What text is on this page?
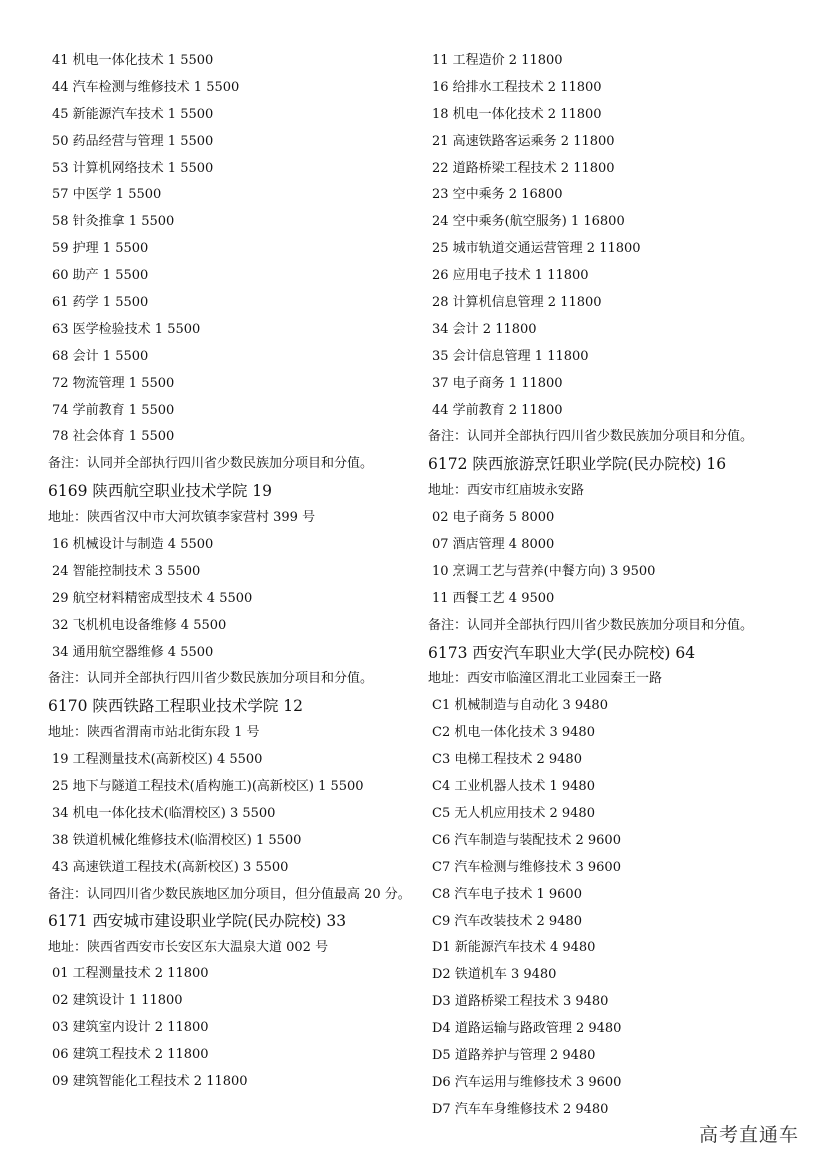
41 机电一体化技术 1 5500
44 汽车检测与维修技术 1 5500
45 新能源汽车技术 1 5500
50 药品经营与管理 1 5500
53 计算机网络技术 1 5500
57 中医学 1 5500
58 针灸推拿 1 5500
59 护理 1 5500
60 助产 1 5500
61 药学 1 5500
63 医学检验技术 1 5500
68 会计 1 5500
72 物流管理 1 5500
74 学前教育 1 5500
78 社会体育 1 5500
备注：认同并全部执行四川省少数民族加分项目和分值。
6169 陕西航空职业技术学院 19
地址：陕西省汉中市大河坎镇李家营村 399 号
16 机械设计与制造 4 5500
24 智能控制技术 3 5500
29 航空材料精密成型技术 4 5500
32 飞机机电设备维修 4 5500
34 通用航空器维修 4 5500
备注：认同并全部执行四川省少数民族加分项目和分值。
6170 陕西铁路工程职业技术学院 12
地址：陕西省渭南市站北街东段 1 号
19 工程测量技术(高新校区) 4 5500
25 地下与隧道工程技术(盾构施工)(高新校区) 1 5500
34 机电一体化技术(临渭校区) 3 5500
38 铁道机械化维修技术(临渭校区) 1 5500
43 高速铁道工程技术(高新校区) 3 5500
备注：认同四川省少数民族地区加分项目，但分值最高 20 分。
6171 西安城市建设职业学院(民办院校) 33
地址：陕西省西安市长安区东大温泉大道 002 号
01 工程测量技术 2 11800
02 建筑设计 1 11800
03 建筑室内设计 2 11800
06 建筑工程技术 2 11800
09 建筑智能化工程技术 2 11800
11 工程造价 2 11800
16 给排水工程技术 2 11800
18 机电一体化技术 2 11800
21 高速铁路客运乘务 2 11800
22 道路桥梁工程技术 2 11800
23 空中乘务 2 16800
24 空中乘务(航空服务) 1 16800
25 城市轨道交通运营管理 2 11800
26 应用电子技术 1 11800
28 计算机信息管理 2 11800
34 会计 2 11800
35 会计信息管理 1 11800
37 电子商务 1 11800
44 学前教育 2 11800
备注：认同并全部执行四川省少数民族加分项目和分值。
6172 陕西旅游烹饪职业学院(民办院校) 16
地址：西安市红庙坡永安路
02 电子商务 5 8000
07 酒店管理 4 8000
10 烹调工艺与营养(中餐方向) 3 9500
11 西餐工艺 4 9500
备注：认同并全部执行四川省少数民族加分项目和分值。
6173 西安汽车职业大学(民办院校) 64
地址：西安市临潼区渭北工业园秦王一路
C1 机械制造与自动化 3 9480
C2 机电一体化技术 3 9480
C3 电梯工程技术 2 9480
C4 工业机器人技术 1 9480
C5 无人机应用技术 2 9480
C6 汽车制造与装配技术 2 9600
C7 汽车检测与维修技术 3 9600
C8 汽车电子技术 1 9600
C9 汽车改装技术 2 9480
D1 新能源汽车技术 4 9480
D2 铁道机车 3 9480
D3 道路桥梁工程技术 3 9480
D4 道路运输与路政管理 2 9480
D5 道路养护与管理 2 9480
D6 汽车运用与维修技术 3 9600
D7 汽车车身维修技术 2 9480
高考直通车
